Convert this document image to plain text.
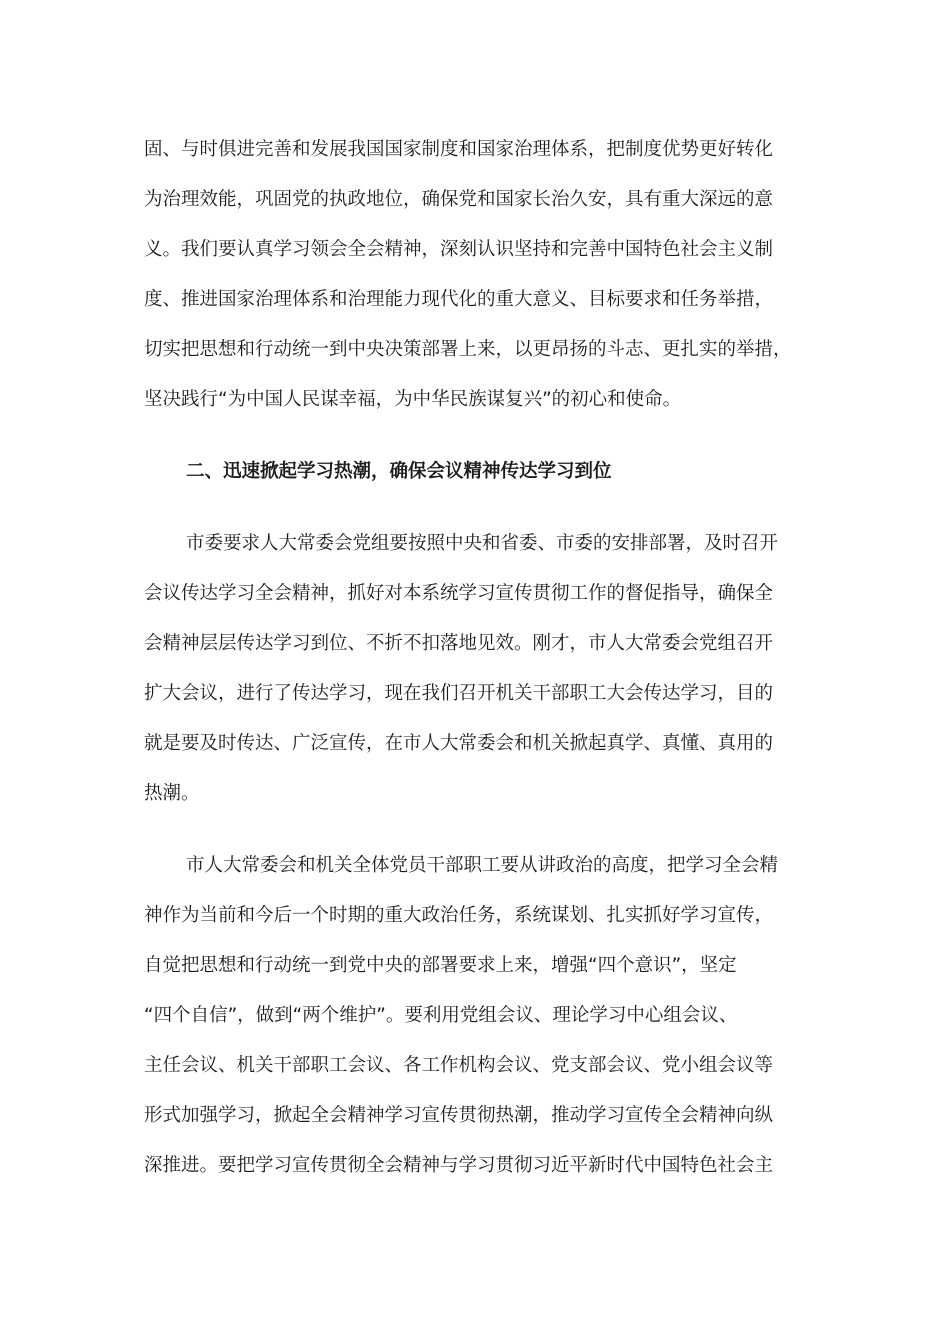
固、与时俱进完善和发展我国国家制度和国家治理体系，把制度优势更好转化
为治理效能，巩固党的执政地位，确保党和国家长治久安，具有重大深远的意
义。我们要认真学习领会全会精神，深刻认识坚持和完善中国特色社会主义制
度、推进国家治理体系和治理能力现代化的重大意义、目标要求和任务举措，
切实把思想和行动统一到中央决策部署上来，以更昂扬的斗志、更扎实的举措，
坚决践行“为中国人民谋幸福，为中华民族谋复兴”的初心和使命。
二、迅速掀起学习热潮，确保会议精神传达学习到位
市委要求人大常委会党组要按照中央和省委、市委的安排部署，及时召开
会议传达学习全会精神，抓好对本系统学习宣传贯彻工作的督促指导，确保全
会精神层层传达学习到位、不折不扣落地见效。刚才，市人大常委会党组召开
扩大会议，进行了传达学习，现在我们召开机关干部职工大会传达学习，目的
就是要及时传达、广泛宣传，在市人大常委会和机关掀起真学、真懂、真用的
热潮。
市人大常委会和机关全体党员干部职工要从讲政治的高度，把学习全会精
神作为当前和今后一个时期的重大政治任务，系统谋划、扎实抓好学习宣传，
自觉把思想和行动统一到党中央的部署要求上来，增强“四个意识”，坚定
“四个自信”，做到“两个维护”。要利用党组会议、理论学习中心组会议、
主任会议、机关干部职工会议、各工作机构会议、党支部会议、党小组会议等
形式加强学习，掀起全会精神学习宣传贯彻热潮，推动学习宣传全会精神向纵
深推进。要把学习宣传贯彻全会精神与学习贯彻习近平新时代中国特色社会主
